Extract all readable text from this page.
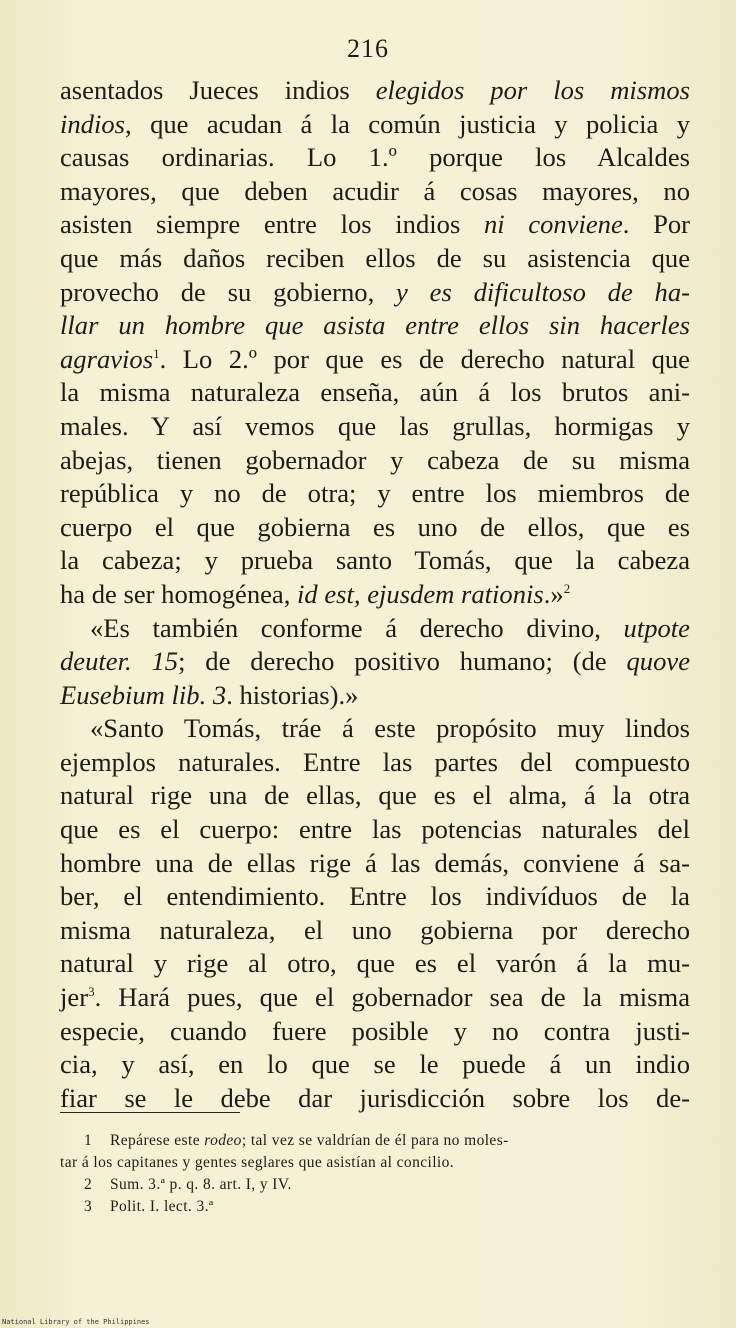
216
asentados Jueces indios elegidos por los mismos
indios, que acudan á la común justicia y policia y
causas ordinarias. Lo 1.º porque los Alcaldes
mayores, que deben acudir á cosas mayores, no
asisten siempre entre los indios ni conviene. Por
que más daños reciben ellos de su asistencia que
provecho de su gobierno, y es dificultoso de ha-
llar un hombre que asista entre ellos sin hacerles
agravios$^1$. Lo 2.º por que es de derecho natural que
la misma naturaleza enseña, aún á los brutos ani-
males. Y así vemos que las grullas, hormigas y
abejas, tienen gobernador y cabeza de su misma
república y no de otra; y entre los miembros de
cuerpo el que gobierna es uno de ellos, que es
la cabeza; y prueba santo Tomás, que la cabeza
ha de ser homogénea, id est, ejusdem rationis.»$^2$
«Es también conforme á derecho divino, utpote
deuter. 15; de derecho positivo humano; (de quove
Eusebium lib. 3. historias).»
«Santo Tomás, tráe á este propósito muy lindos
ejemplos naturales. Entre las partes del compuesto
natural rige una de ellas, que es el alma, á la otra
que es el cuerpo: entre las potencias naturales del
hombre una de ellas rige á las demás, conviene á sa-
ber, el entendimiento. Entre los indivíduos de la
misma naturaleza, el uno gobierna por derecho
natural y rige al otro, que es el varón á la mu-
jer$^3$. Hará pues, que el gobernador sea de la misma
especie, cuando fuere posible y no contra justi-
cia, y así, en lo que se le puede á un indio
fiar se le debe dar jurisdicción sobre los de-
1 Repárese este rodeo; tal vez se valdrían de él para no moles-
tar á los capitanes y gentes seglares que asistían al concilio.
2 Sum. 3.ª p. q. 8. art. I, y IV.
3 Polit. I. lect. 3.ª
National Library of the Philippines
